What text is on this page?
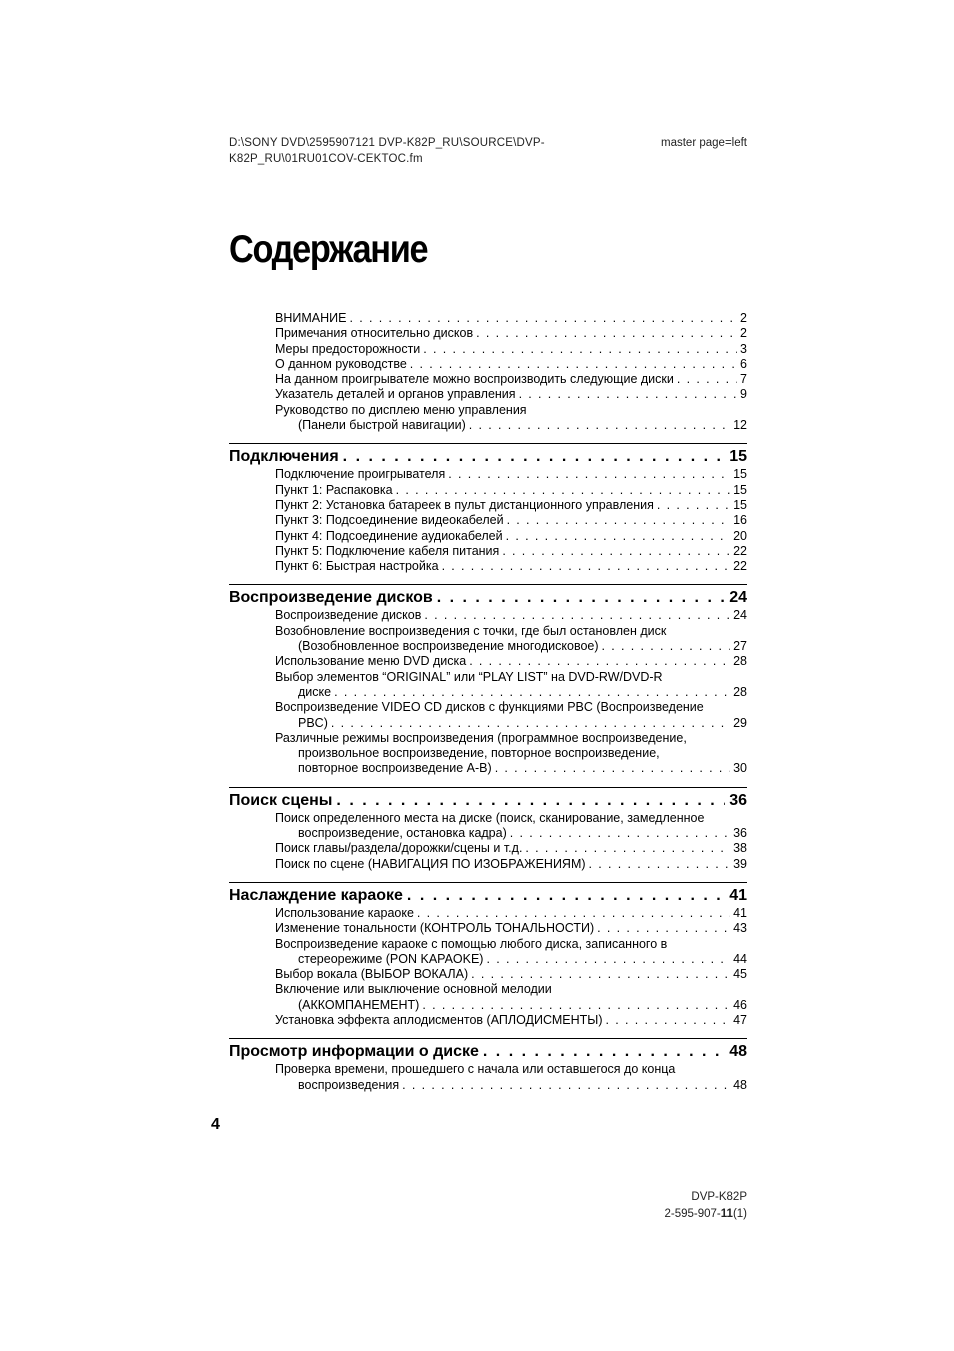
D:\SONY DVD\2595907121 DVP-K82P_RU\SOURCE\DVP-
K82P_RU\01RU01COV-CEKTOC.fm
master page=left
Содержание
ВНИМАНИЕ . . .	2
Примечания относительно дисков . . .	2
Меры предосторожности . . .	3
О данном руководстве . . .	6
На данном проигрывателе можно воспроизводить следующие диски . . .	7
Указатель деталей и органов управления . . .	9
Руководство по дисплею меню управления
(Панели быстрой навигации) . . .	12
Подключения . . .	15
Подключение проигрывателя . . .	15
Пункт 1: Распаковка . . .	15
Пункт 2: Установка батареек в пульт дистанционного управления . . .	15
Пункт 3: Подсоединение видеокабелей . . .	16
Пункт 4: Подсоединение аудиокабелей . . .	20
Пункт 5: Подключение кабеля питания . . .	22
Пункт 6: Быстрая настройка . . .	22
Воспроизведение дисков . . .	24
Воспроизведение дисков . . .	24
Возобновление воспроизведения с точки, где был остановлен диск
(Возобновленное воспроизведение многодисковое) . . .	27
Использование меню DVD диска . . .	28
Выбор элементов “ORIGINAL” или “PLAY LIST” на DVD-RW/DVD-R
диске . . .	28
Воспроизведение VIDEO CD дисков с функциями PBC (Воспроизведение
PBC) . . .	29
Различные режимы воспроизведения (программное воспроизведение,
произвольное воспроизведение, повторное воспроизведение,
повторное воспроизведение A-B) . . .	30
Поиск сцены . . .	36
Поиск определенного места на диске (поиск, сканирование, замедленное
воспроизведение, остановка кадра) . . .	36
Поиск главы/раздела/дорожки/сцены и т.д. . . .	38
Поиск по сцене (НАВИГАЦИЯ ПО ИЗОБРАЖЕНИЯМ) . . .	39
Наслаждение караоке . . .	41
Использование караоке . . .	41
Изменение тональности (КОНТРОЛЬ ТОНАЛЬНОСТИ) . . .	43
Воспроизведение караоке с помощью любого диска, записанного в
стереорежиме (PON KAPAOKE) . . .	44
Выбор вокала (ВЫБОР ВОКАЛА) . . .	45
Включение или выключение основной мелодии
(АККОМПАНЕМЕНТ) . . .	46
Установка эффекта аплодисментов (АПЛОДИСМЕНТЫ) . . .	47
Просмотр информации о диске . . .	48
Проверка времени, прошедшего с начала или оставшегося до конца
воспроизведения . . .	48
4
DVP-K82P
2-595-907-11(1)
